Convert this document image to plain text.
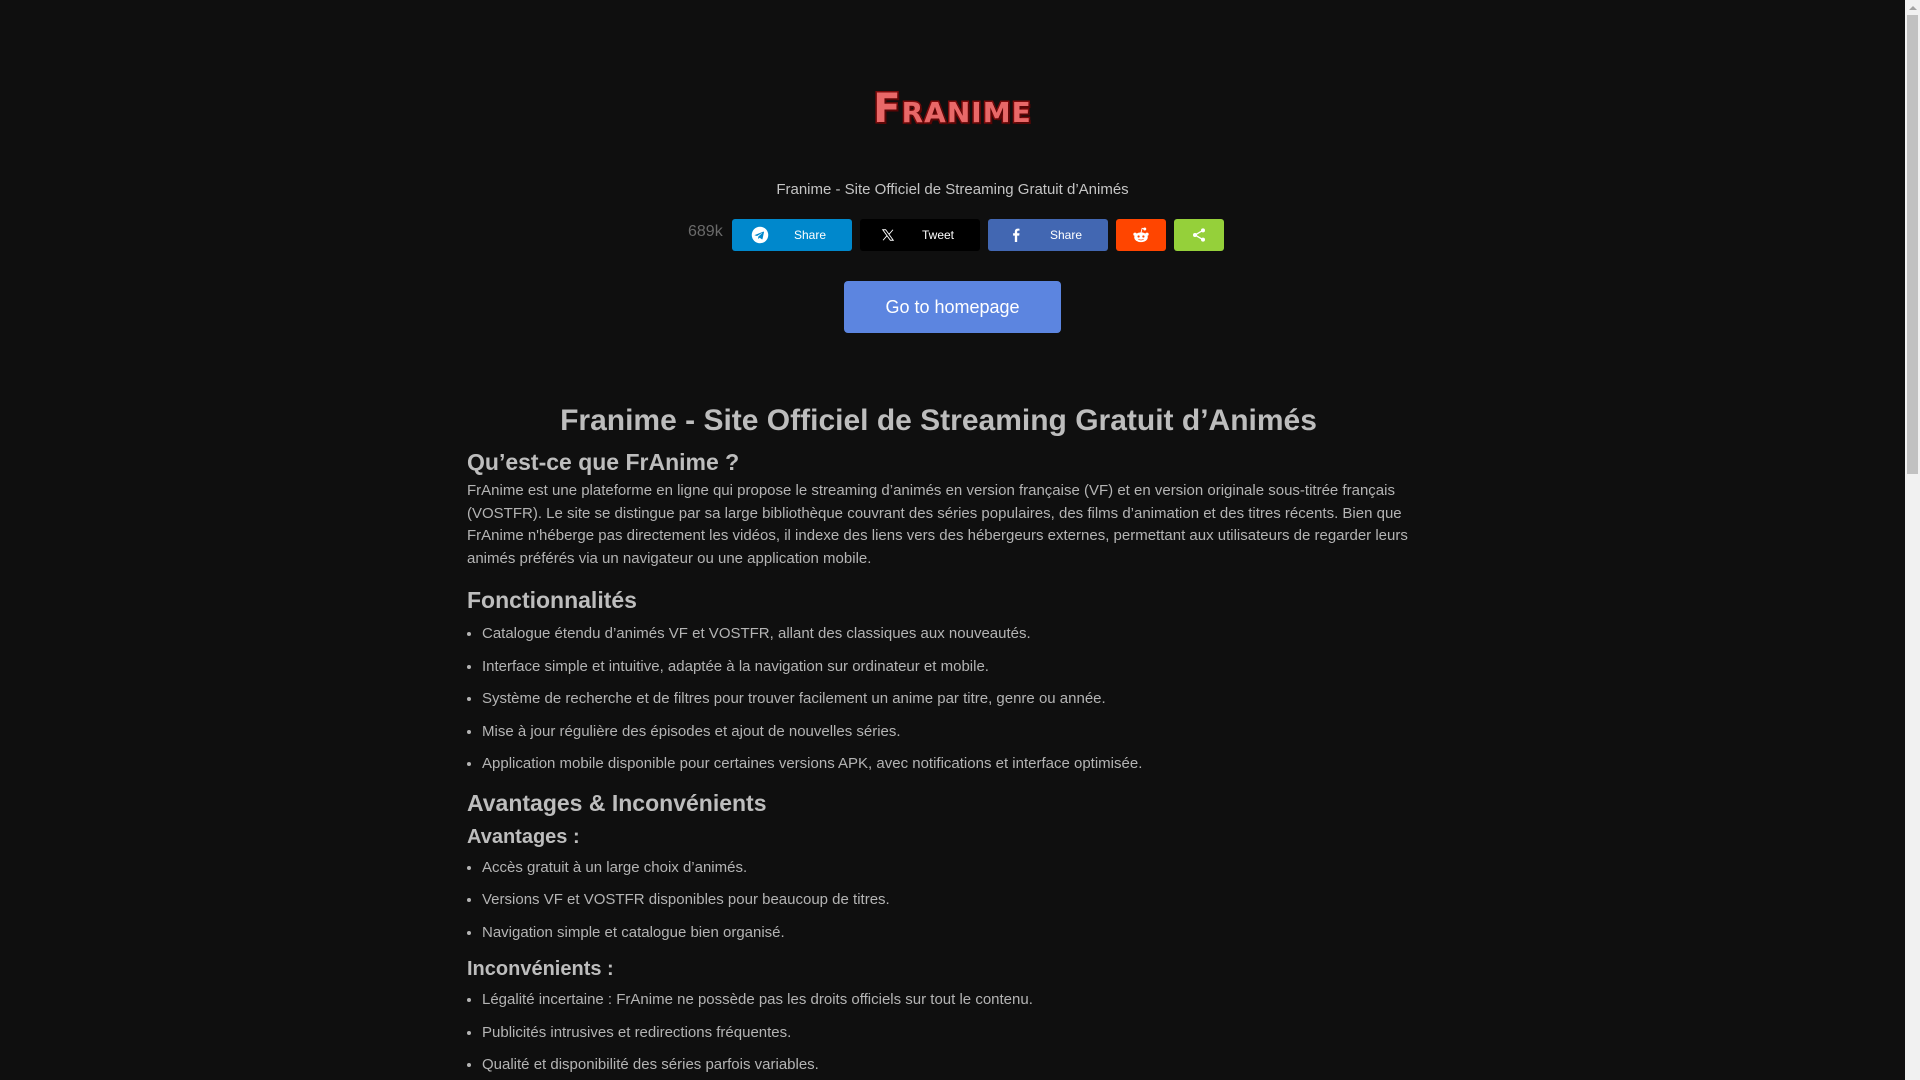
Franime
Franime - Site Officiel de Streaming Gratuit d’Animés
689k	Share	Tweet	Share
Go to homepage
Franime - Site Officiel de Streaming Gratuit d’Animés
Qu’est-ce que FrAnime ?

FrAnime est une plateforme en ligne qui propose le streaming d’animés en version française (VF) et en version originale sous-titrée français (VOSTFR). Le site se distingue par sa large bibliothèque couvrant des séries populaires, des films d’animation et des titres récents. Bien que FrAnime n'héberge pas directement les vidéos, il indexe des liens vers des hébergeurs externes, permettant aux utilisateurs de regarder leurs animés préférés via un navigateur ou une application mobile.

Fonctionnalités
• Catalogue étendu d’animés VF et VOSTFR, allant des classiques aux nouveautés.
• Interface simple et intuitive, adaptée à la navigation sur ordinateur et mobile.
• Système de recherche et de filtres pour trouver facilement un anime par titre, genre ou année.
• Mise à jour régulière des épisodes et ajout de nouvelles séries.
• Application mobile disponible pour certaines versions APK, avec notifications et interface optimisée.
Avantages & Inconvénients
Avantages :
• Accès gratuit à un large choix d’animés.
• Versions VF et VOSTFR disponibles pour beaucoup de titres.
• Navigation simple et catalogue bien organisé.
Inconvénients :
• Légalité incertaine : FrAnime ne possède pas les droits officiels sur tout le contenu.
• Publicités intrusives et redirections fréquentes.
• Qualité et disponibilité des séries parfois variables.
